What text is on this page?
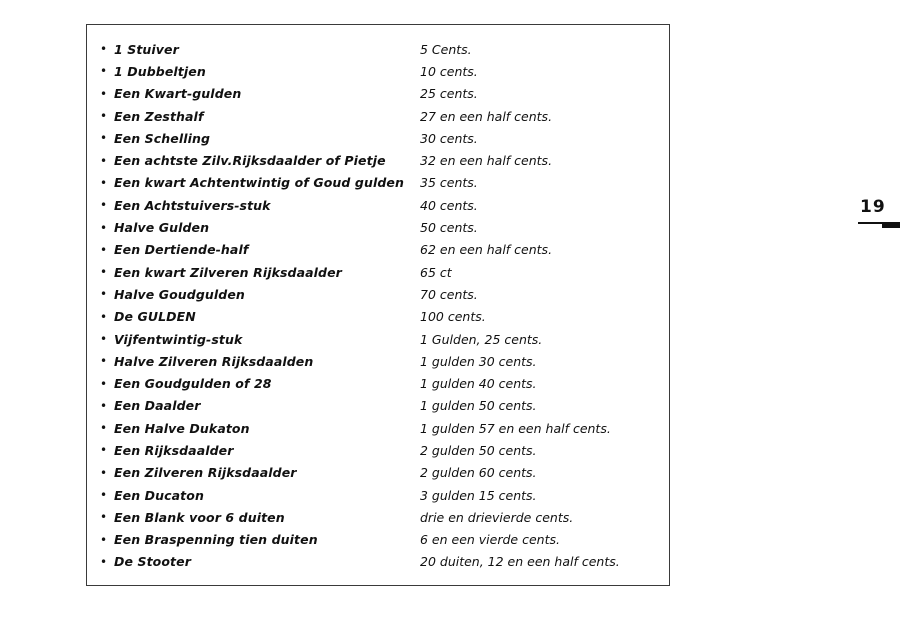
• 1 Stuiver	5 Cents.
• 1 Dubbeltjen	10 cents.
• Een Kwart-gulden	25 cents.
• Een Zesthalf	27 en een half cents.
• Een Schelling	30 cents.
• Een achtste Zilv.Rijksdaalder of Pietje	32 en een half cents.
• Een kwart Achtentwintig of Goud gulden	35 cents.
• Een Achtstuivers-stuk	40 cents.
• Halve Gulden	50 cents.
• Een Dertiende-half	62 en een half cents.
• Een kwart Zilveren Rijksdaalder	65 ct
• Halve Goudgulden	70 cents.
• De GULDEN	100 cents.
• Vijfentwintig-stuk	1 Gulden, 25 cents.
• Halve Zilveren Rijksdaalden	1 gulden 30 cents.
• Een Goudgulden of 28	1 gulden 40 cents.
• Een Daalder	1 gulden 50 cents.
• Een Halve Dukaton	1 gulden 57 en een half cents.
• Een Rijksdaalder	2 gulden 50 cents.
• Een Zilveren Rijksdaalder	2 gulden 60 cents.
• Een Ducaton	3 gulden 15 cents.
• Een Blank voor 6 duiten	drie en drievierde cents.
• Een Braspenning tien duiten	6 en een vierde cents.
• De Stooter	20 duiten, 12 en een half cents.
19
